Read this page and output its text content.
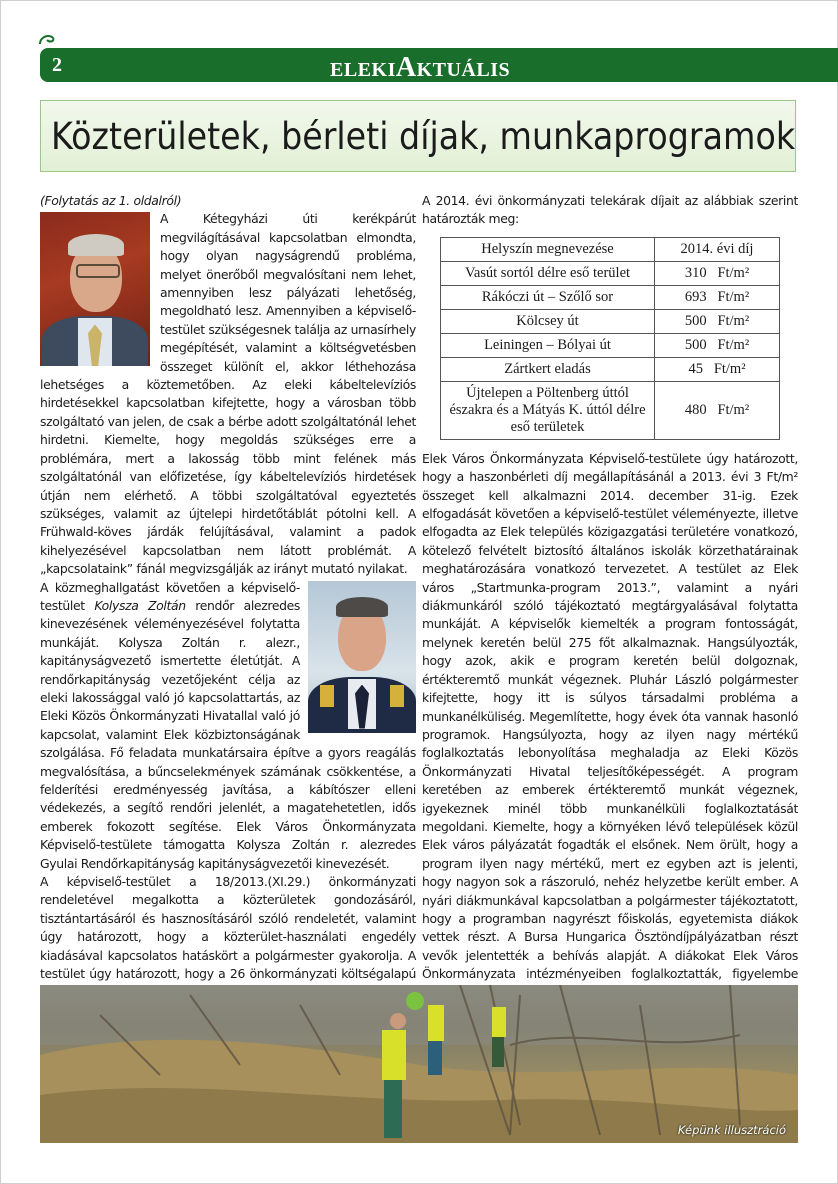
2	ELEKIAKTUÁLIS
Közterületek, bérleti díjak, munkaprogramok

(Folytatás az 1. oldalról)

A Kétegyházi úti kerékpárút megvilágításával kapcsolatban elmondta, hogy olyan nagyságrendű probléma, melyet önerőből megvalósítani nem lehet, amennyiben lesz pályázati lehetőség, megoldható lesz. Amennyiben a képviselő-testület szükségesnek találja az urnasírhely megépítését, valamint a költségvetésben összeget különít el, akkor léthehozása lehetséges a köztemetőben. Az eleki kábeltelevíziós hirdetésekkel kapcsolatban kifejtette, hogy a városban több szolgáltató van jelen, de csak a bérbe adott szolgáltatónál lehet hirdetni. Kiemelte, hogy megoldás szükséges erre a problémára, mert a lakosság több mint felének más szolgáltatónál van előfizetése, így kábeltelevíziós hirdetések útján nem elérhető. A többi szolgáltatóval egyeztetés szükséges, valamit az újtelepi hirdetőtáblát pótolni kell. A Frühwald-köves járdák felújításával, valamint a padok kihelyezésével kapcsolatban nem látott problémát. A „kapcsolataink” fánál megvizsgálják az irányt mutató nyilakat.

A közmeghallgatást követően a képviselő-testület Kolysza Zoltán rendőr alezredes kinevezésének véleményezésével folytatta munkáját. Kolysza Zoltán r. alezr., kapitányságvezető ismertette életútját. A rendőrkapitányság vezetőjeként célja az eleki lakossággal való jó kapcsolattartás, az Eleki Közös Önkormányzati Hivatallal való jó kapcsolat, valamint Elek közbiztonságának szolgálása. Fő feladata munkatársaira építve a gyors reagálás megvalósítása, a bűncselekmények számának csökkentése, a felderítési eredményesség javítása, a kábítószer elleni védekezés, a segítő rendőri jelenlét, a magatehetetlen, idős emberek fokozott segítése. Elek Város Önkormányzata Képviselő-testülete támogatta Kolysza Zoltán r. alezredes Gyulai Rendőrkapitányság kapitányságvezetői kinevezését.

A képviselő-testület a 18/2013.(XI.29.) önkormányzati rendeletével megalkotta a közterületek gondozásáról, tisztántartásáról és hasznosításáról szóló rendeletét, valamint úgy határozott, hogy a közterület-használati engedély kiadásával kapcsolatos hatáskört a polgármester gyakorolja. A testület úgy határozott, hogy a 26 önkormányzati költségalapú

A 2014. évi önkormányzati telekárak díjait az alábbiak szerint határozták meg:

Helyszín megnevezése	2014. évi díj
Vasút sortól délre eső terület	310   Ft/m²
Rákóczi út – Szőlő sor	693   Ft/m²
Kölcsey út	500   Ft/m²
Leiningen – Bólyai út	500   Ft/m²
Zártkert eladás	45   Ft/m²
Újtelepen a Pöltenberg úttól északra és a Mátyás K. úttól délre eső területek	480   Ft/m²

Elek Város Önkormányzata Képviselő-testülete úgy határozott, hogy a haszonbérleti díj megállapításánál a 2013. évi 3 Ft/m² összeget kell alkalmazni 2014. december 31-ig. Ezek elfogadását követően a képviselő-testület véleményezte, illetve elfogadta az Elek település közigazgatási területére vonatkozó, kötelező felvételt biztosító általános iskolák körzethatárainak meghatározására vonatkozó tervezetet. A testület az Elek város „Startmunka-program 2013.”, valamint a nyári diákmunkáról szóló tájékoztató megtárgyalásával folytatta munkáját. A képviselők kiemelték a program fontosságát, melynek keretén belül 275 főt alkalmaznak. Hangsúlyozták, hogy azok, akik e program keretén belül dolgoznak, értékteremtő munkát végeznek. Pluhár László polgármester kifejtette, hogy itt is súlyos társadalmi probléma a munkanélküliség. Megemlítette, hogy évek óta vannak hasonló programok. Hangsúlyozta, hogy az ilyen nagy mértékű foglalkoztatás lebonyolítása meghaladja az Eleki Közös Önkormányzati Hivatal teljesítőképességét. A program keretében az emberek értékteremtő munkát végeznek, igyekeznek minél több munkanélküli foglalkoztatását megoldani. Kiemelte, hogy a környéken lévő települések közül Elek város pályázatát fogadták el elsőnek. Nem örült, hogy a program ilyen nagy mértékű, mert ez egyben azt is jelenti, hogy nagyon sok a rászoruló, nehéz helyzetbe került ember. A nyári diákmunkával kapcsolatban a polgármester tájékoztatott, hogy a programban nagyrészt főiskolás, egyetemista diákok vettek részt. A Bursa Hungarica Ösztöndíjpályázatban részt vevők jelentették a behívás alapját. A diákokat Elek Város Önkormányzata intézményeiben foglalkoztatták, figyelembe

Képünk illusztráció
